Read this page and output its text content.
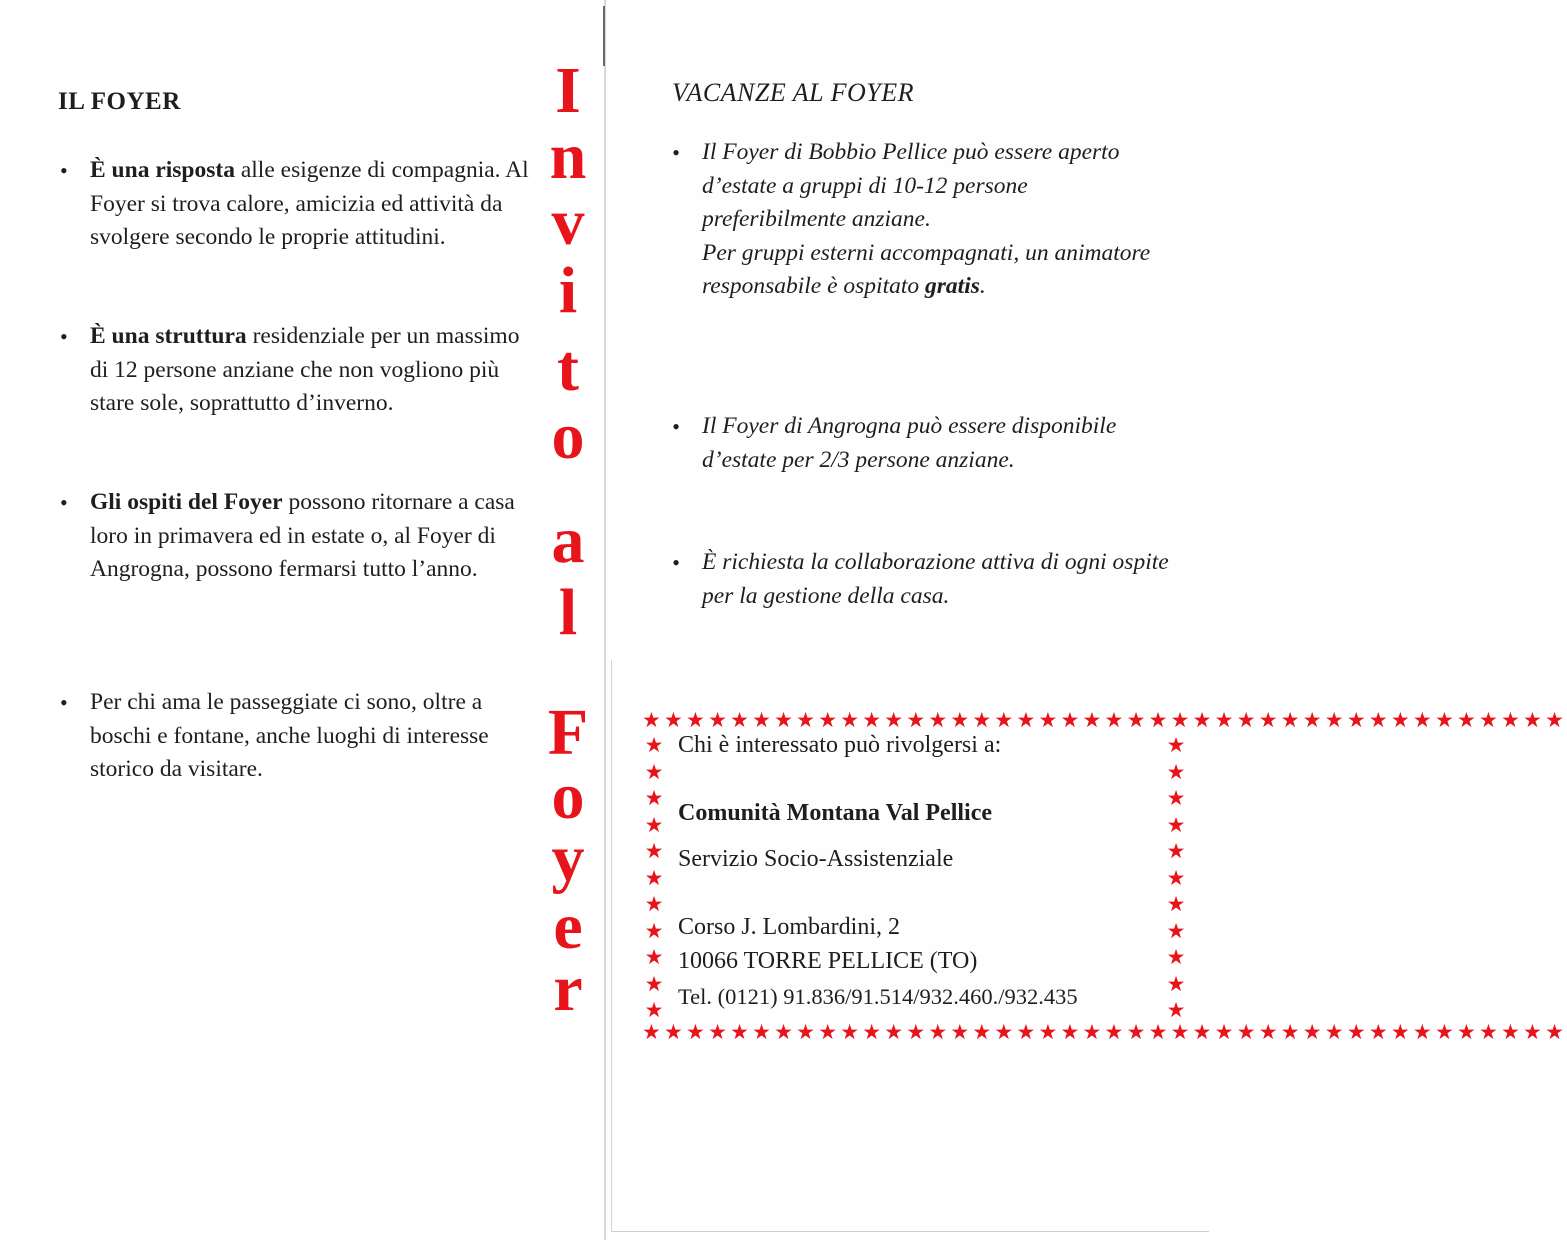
IL FOYER
• È una risposta alle esigenze di compagnia. Al Foyer si trova calore, amicizia ed attività da svolgere secondo le proprie attitudini.
• È una struttura residenziale per un massimo di 12 persone anziane che non vogliono più stare sole, soprattutto d’inverno.
• Gli ospiti del Foyer possono ritornare a casa loro in primavera ed in estate o, al Foyer di Angrogna, possono fermarsi tutto l’anno.
• Per chi ama le passeggiate ci sono, oltre a boschi e fontane, anche luoghi di interesse storico da visitare.
I
n
v
i
t
o
a
l
F
o
y
e
r
VACANZE AL FOYER
• Il Foyer di Bobbio Pellice può essere aperto d’estate a gruppi di 10-12 persone preferibilmente anziane.
Per gruppi esterni accompagnati, un animatore responsabile è ospitato gratis.
• Il Foyer di Angrogna può essere disponibile d’estate per 2/3 persone anziane.
• È richiesta la collaborazione attiva di ogni ospite per la gestione della casa.
★★★★★★★★★★★★★★★★★★★★★★★★★★★★★★★★★★★★★★★★★★
★★★★★★★★★★★★★★★★★★★★★★★★★★★★★★★★★★★★★★★★★★
★
★
★
★
★
★
★
★
★
★
★
★
★
★
★
★
★
★
★
★
★
★
Chi è interessato può rivolgersi a:
Comunità Montana Val Pellice
Servizio Socio-Assistenziale
Corso J. Lombardini, 2
10066 TORRE PELLICE (TO)
Tel. (0121) 91.836/91.514/932.460./932.435
